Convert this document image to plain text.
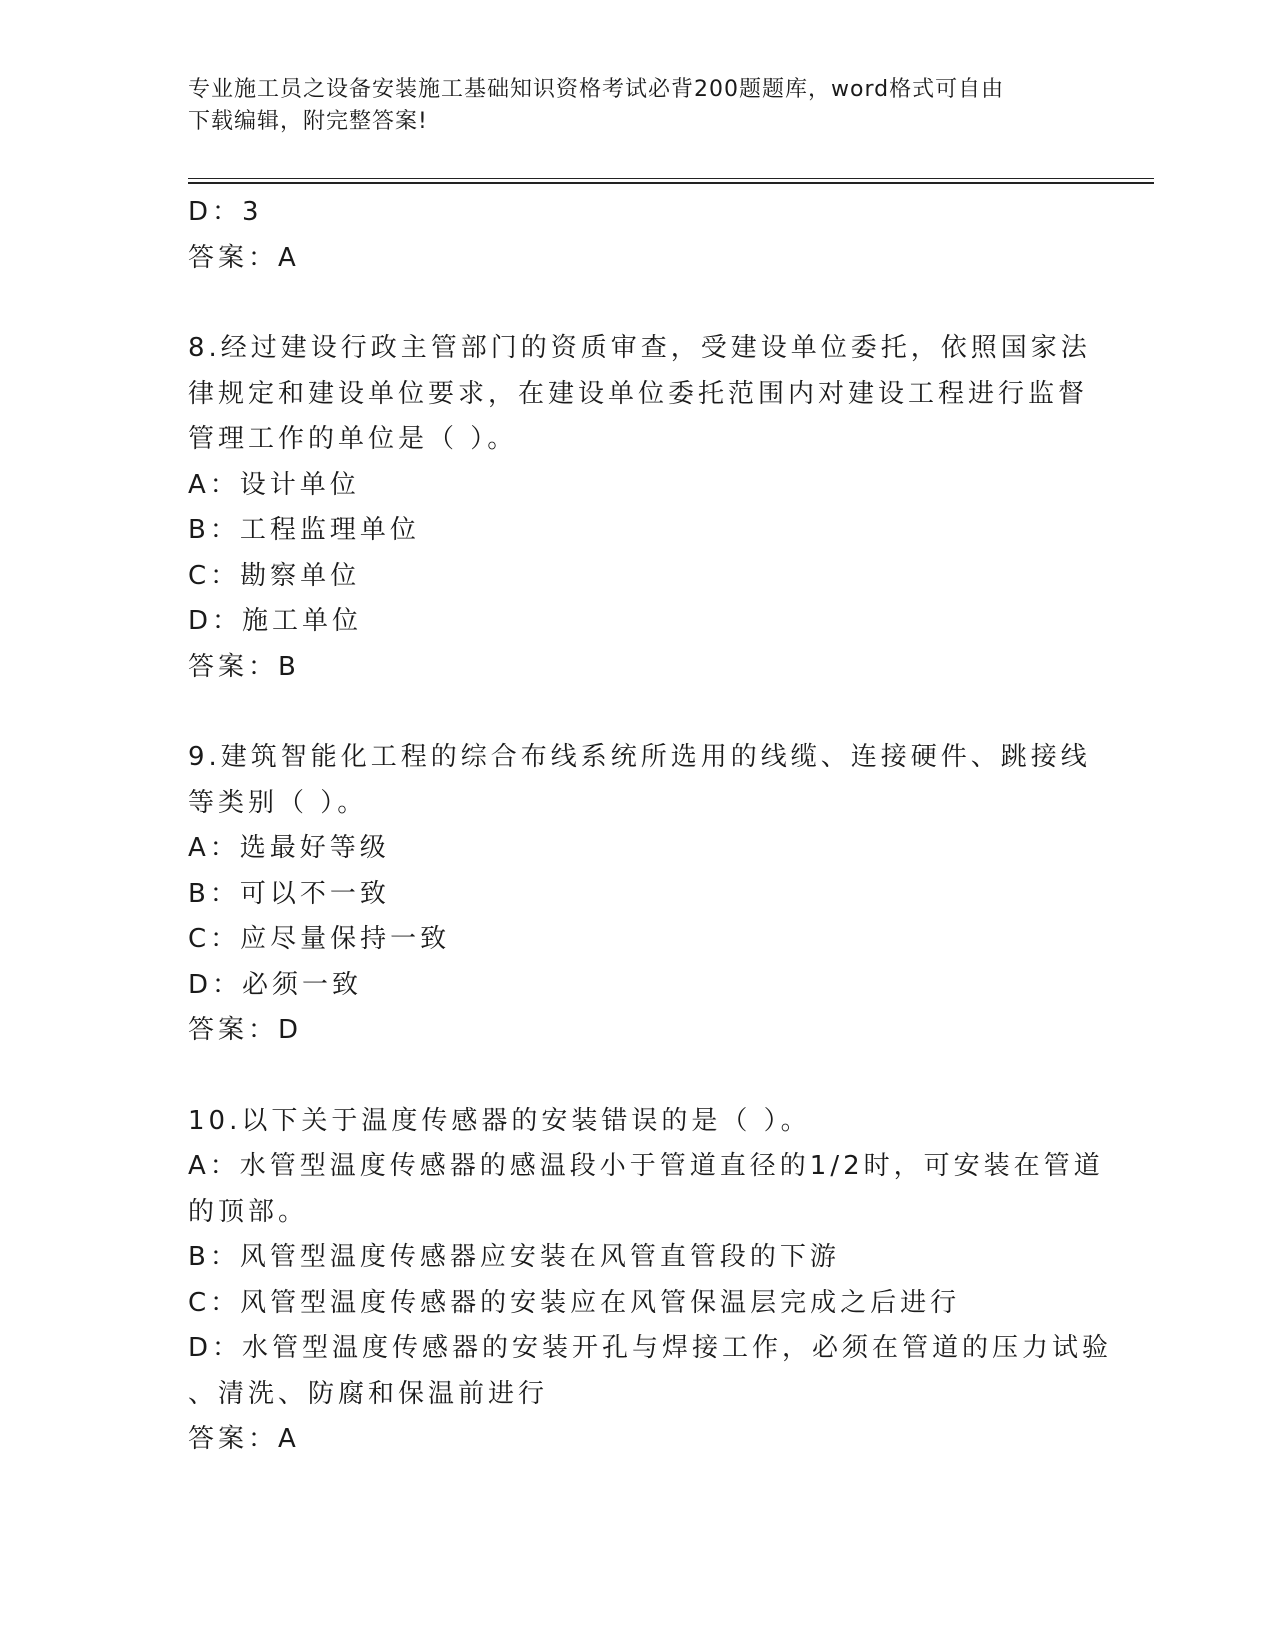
专业施工员之设备安装施工基础知识资格考试必背200题题库，word格式可自由
下载编辑，附完整答案!
D：3
答案：A
8.经过建设行政主管部门的资质审查，受建设单位委托，依照国家法
律规定和建设单位要求，在建设单位委托范围内对建设工程进行监督
管理工作的单位是（ ）。
A：设计单位
B：工程监理单位
C：勘察单位
D：施工单位
答案：B
9.建筑智能化工程的综合布线系统所选用的线缆、连接硬件、跳接线
等类别（ ）。
A：选最好等级
B：可以不一致
C：应尽量保持一致
D：必须一致
答案：D
10.以下关于温度传感器的安装错误的是（ ）。
A：水管型温度传感器的感温段小于管道直径的1/2时，可安装在管道
的顶部。
B：风管型温度传感器应安装在风管直管段的下游
C：风管型温度传感器的安装应在风管保温层完成之后进行
D：水管型温度传感器的安装开孔与焊接工作，必须在管道的压力试验
、清洗、防腐和保温前进行
答案：A
